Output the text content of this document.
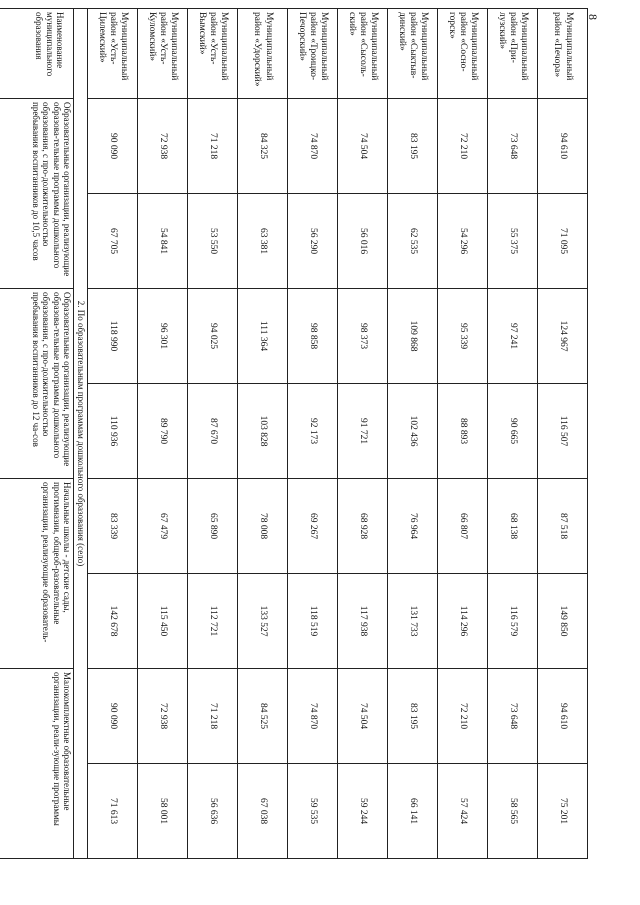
8
Муниципальный район «Печора»	94 610	71 095	124 967	116 507	87 518	149 850	94 610	75 201
Муниципальный район «При-лузский»	73 648	55 375	97 241	90 665	68 138	116 579	73 648	58 565
Муниципальный район «Сосно-горск»	72 210	54 296	95 339	88 893	66 807	114 296	72 210	57 424
Муниципальный район «Сыктыв-динский»	83 195	62 535	109 868	102 436	76 964	131 733	83 195	66 141
Муниципальный район «Сысоль-ский»	74 504	56 016	98 373	91 721	68 928	117 938	74 504	59 244
Муниципальный район «Троицко-Печорский»	74 870	56 290	98 858	92 173	69 267	118 519	74 870	59 535
Муниципальный район «Удорский»	84 325	63 381	111 364	103 828	78 008	133 527	84 525	67 038
Муниципальный район «Усть-Вымский»	71 218	53 550	94 025	87 670	65 890	112 721	71 218	56 636
Муниципальный район «Усть-Куломский»	72 938	54 841	96 301	89 790	67 479	115 450	72 938	58 001
Муниципальный район «Усть-Цилемский»	90 090	67 705	118 990	110 936	83 339	142 678	90 090	71 613
2. По образовательным программам дошкольного образования (село)								
Наименование муниципального образования	Образовательные организации, реализующие образова-тельные программы дошкольного образования, с про-должительностью пребывания воспитанников до 10,5 часов		Образовательные организации, реализующие образова-тельные программы дошкольного образования, с про-должительностью пребывания воспитанников до 12 ча-сов		Начальные школы - детские сады, прогимназии, общеоб-разовательные организации, реализующие образователь-		Малокомплектные образовательные организации, реали-зующие программы	
